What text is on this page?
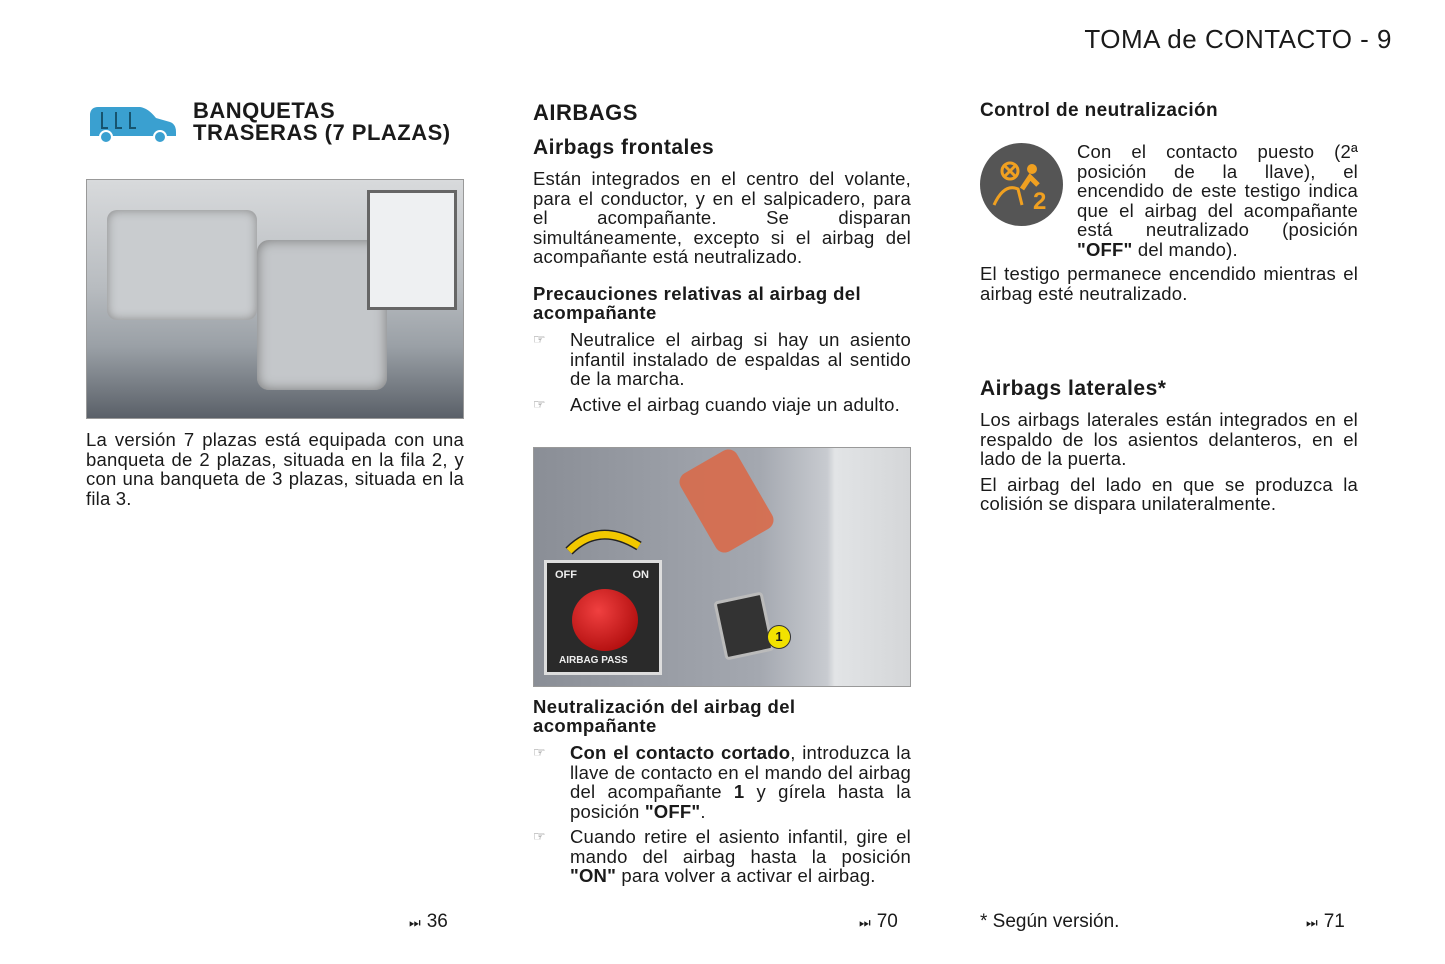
TOMA de CONTACTO - 9
BANQUETAS
TRASERAS (7 PLAZAS)
La versión 7 plazas está equipada con una banqueta de 2 plazas, situada en la fila 2, y con una banqueta de 3 plazas, situada en la fila 3.
⏭ 36
AIRBAGS
Airbags frontales
Están integrados en el centro del volante, para el conductor, y en el salpicadero, para el acompañante. Se disparan simultáneamente, excepto si el airbag del acompañante está neutralizado.
Precauciones relativas al airbag del acompañante
☞ Neutralice el airbag si hay un asiento infantil instalado de espaldas al sentido de la marcha.
☞ Active el airbag cuando viaje un adulto.
OFF	ON
AIRBAG PASS
1
Neutralización del airbag del acompañante
☞ Con el contacto cortado, introduzca la llave de contacto en el mando del airbag del acompañante 1 y gírela hasta la posición "OFF".
☞ Cuando retire el asiento infantil, gire el mando del airbag hasta la posición "ON" para volver a activar el airbag.
⏭ 70
Control de neutralización
2
Con el contacto puesto (2ª posición de la llave), el encendido de este testigo indica que el airbag del acompañante está neutralizado (posición "OFF" del mando).
El testigo permanece encendido mientras el airbag esté neutralizado.
Airbags laterales*
Los airbags laterales están integrados en el respaldo de los asientos delanteros, en el lado de la puerta.
El airbag del lado en que se produzca la colisión se dispara unilateralmente.
* Según versión.	⏭ 71
